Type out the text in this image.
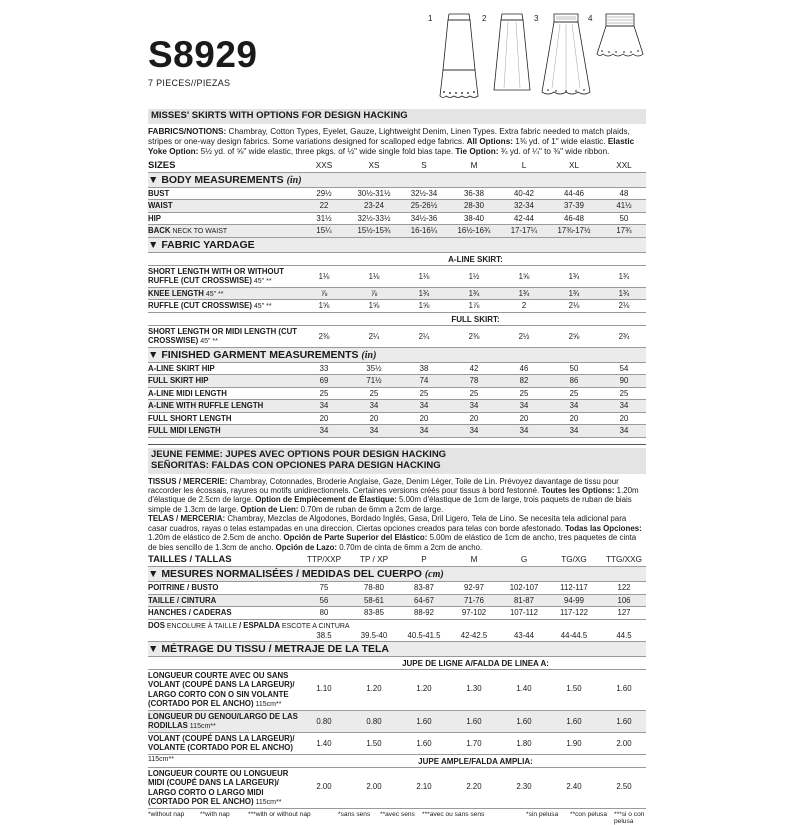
S8929
7 PIECES//PIEZAS
1	2	3	4
MISSES' SKIRTS WITH OPTIONS FOR DESIGN HACKING
FABRICS/NOTIONS: Chambray, Cotton Types, Eyelet, Gauze, Lightweight Denim, Linen Types. Extra fabric needed to match plaids, stripes or one-way design fabrics. Some variations designed for scalloped edge fabrics. All Options: 1⅜ yd. of 1" wide elastic. Elastic Yoke Option: 5½ yd. of ⅝" wide elastic, three pkgs. of ½" wide single fold bias tape. Tie Option: ¾ yd. of ¼" to ⅜" wide ribbon.
SIZES	XXS	XS	S	M	L	XL	XXL
▼ BODY MEASUREMENTS (in)
BUST	29½	30½-31½	32½-34	36-38	40-42	44-46	48
WAIST	22	23-24	25-26½	28-30	32-34	37-39	41½
HIP	31½	32½-33½	34½-36	38-40	42-44	46-48	50
BACK NECK TO WAIST	15¼	15½-15¾	16-16¼	16½-16¾	17-17¼	17⅜-17½	17¾
▼ FABRIC YARDAGE
A-LINE SKIRT:
SHORT LENGTH WITH OR WITHOUT RUFFLE (CUT CROSSWISE) 45" **
1⅛	1⅛	1⅛	1½	1⅝	1¾	1¾
KNEE LENGTH 45" **	⅞	⅞	1¾	1¾	1¾	1¾	1¾
RUFFLE (CUT CROSSWISE) 45" **	1⅝	1⅝	1⅝	1⅞	2	2⅛	2⅛
FULL SKIRT:
SHORT LENGTH OR MIDI LENGTH (CUT CROSSWISE) 45" **
2⅜	2¼	2¼	2⅜	2½	2⅝	2¾
▼ FINISHED GARMENT MEASUREMENTS (in)
A-LINE SKIRT HIP	33	35½	38	42	46	50	54
FULL SKIRT HIP	69	71½	74	78	82	86	90
A-LINE MIDI LENGTH	25	25	25	25	25	25	25
A-LINE WITH RUFFLE LENGTH	34	34	34	34	34	34	34
FULL SHORT LENGTH	20	20	20	20	20	20	20
FULL MIDI LENGTH	34	34	34	34	34	34	34
JEUNE FEMME: JUPES AVEC OPTIONS POUR DESIGN HACKING
SEÑORITAS: FALDAS CON OPCIONES PARA DESIGN HACKING
TISSUS / MERCERIE: Chambray, Cotonnades, Broderie Anglaise, Gaze, Denim Léger, Toile de Lin. Prévoyez davantage de tissu pour raccorder les écossais, rayures ou motifs unidirectionnels. Certaines versions créés pour tissus à bord festonné. Toutes les Options: 1.20m d'élastique de 2.5cm de large. Option de Empiècement de Élastique: 5.00m d'élastique de 1cm de large, trois paquets de ruban de biais simple de 1.3cm de large. Option de Lien: 0.70m de ruban de 6mm a 2cm de large.
TELAS / MERCERIA: Chambray, Mezclas de Algodones, Bordado Inglés, Gasa, Dril Ligero, Tela de Lino. Se necesita tela adicional para casar cuadros, rayas o telas estampadas en una direccion. Ciertas opciones creados para telas con borde afestonado. Todas las Opciones: 1.20m de elástico de 2.5cm de ancho. Opción de Parte Superior del Elástico: 5.00m de elástico de 1cm de ancho, tres paquetes de cinta de bies sencillo de 1.3cm de ancho. Opción de Lazo: 0.70m de cinta de 6mm a 2cm de ancho.
TAILLES / TALLAS	TTP/XXP	TP / XP	P	M	G	TG/XG	TTG/XXG
▼ MESURES NORMALISÉES / MEDIDAS DEL CUERPO (cm)
POITRINE / BUSTO	75	78-80	83-87	92-97	102-107	112-117	122
TAILLE / CINTURA	56	58-61	64-67	71-76	81-87	94-99	106
HANCHES / CADERAS	80	83-85	88-92	97-102	107-112	117-122	127
DOS ENCOLURE À TAILLE / ESPALDA ESCOTE A CINTURA
38.5	39.5-40	40.5-41.5	42-42.5	43-44	44-44.5	44.5
▼ MÉTRAGE DU TISSU / METRAJE DE LA TELA
JUPE DE LIGNE A/FALDA DE LINEA A:
LONGUEUR COURTE AVEC OU SANS VOLANT (COUPÉ DANS LA LARGEUR)/ LARGO CORTO CON O SIN VOLANTE (CORTADO POR EL ANCHO) 115cm**
1.10	1.20	1.20	1.30	1.40	1.50	1.60
LONGUEUR DU GENOU/LARGO DE LAS RODILLAS 115cm**
0.80	0.80	1.60	1.60	1.60	1.60	1.60
VOLANT (COUPÉ DANS LA LARGEUR)/ VOLANTE (CORTADO POR EL ANCHO) 115cm**
1.40	1.50	1.60	1.70	1.80	1.90	2.00
JUPE AMPLE/FALDA AMPLIA:
LONGUEUR COURTE OU LONGUEUR MIDI (COUPÉ DANS LA LARGEUR)/ LARGO CORTO O LARGO MIDI (CORTADO POR EL ANCHO) 115cm**
2.00	2.00	2.10	2.20	2.30	2.40	2.50
*without nap **with nap	***with or without nap	*sans sens **avec sens ***avec ou sans sens	*sin pelusa **con pelusa ***si o con pelusa
